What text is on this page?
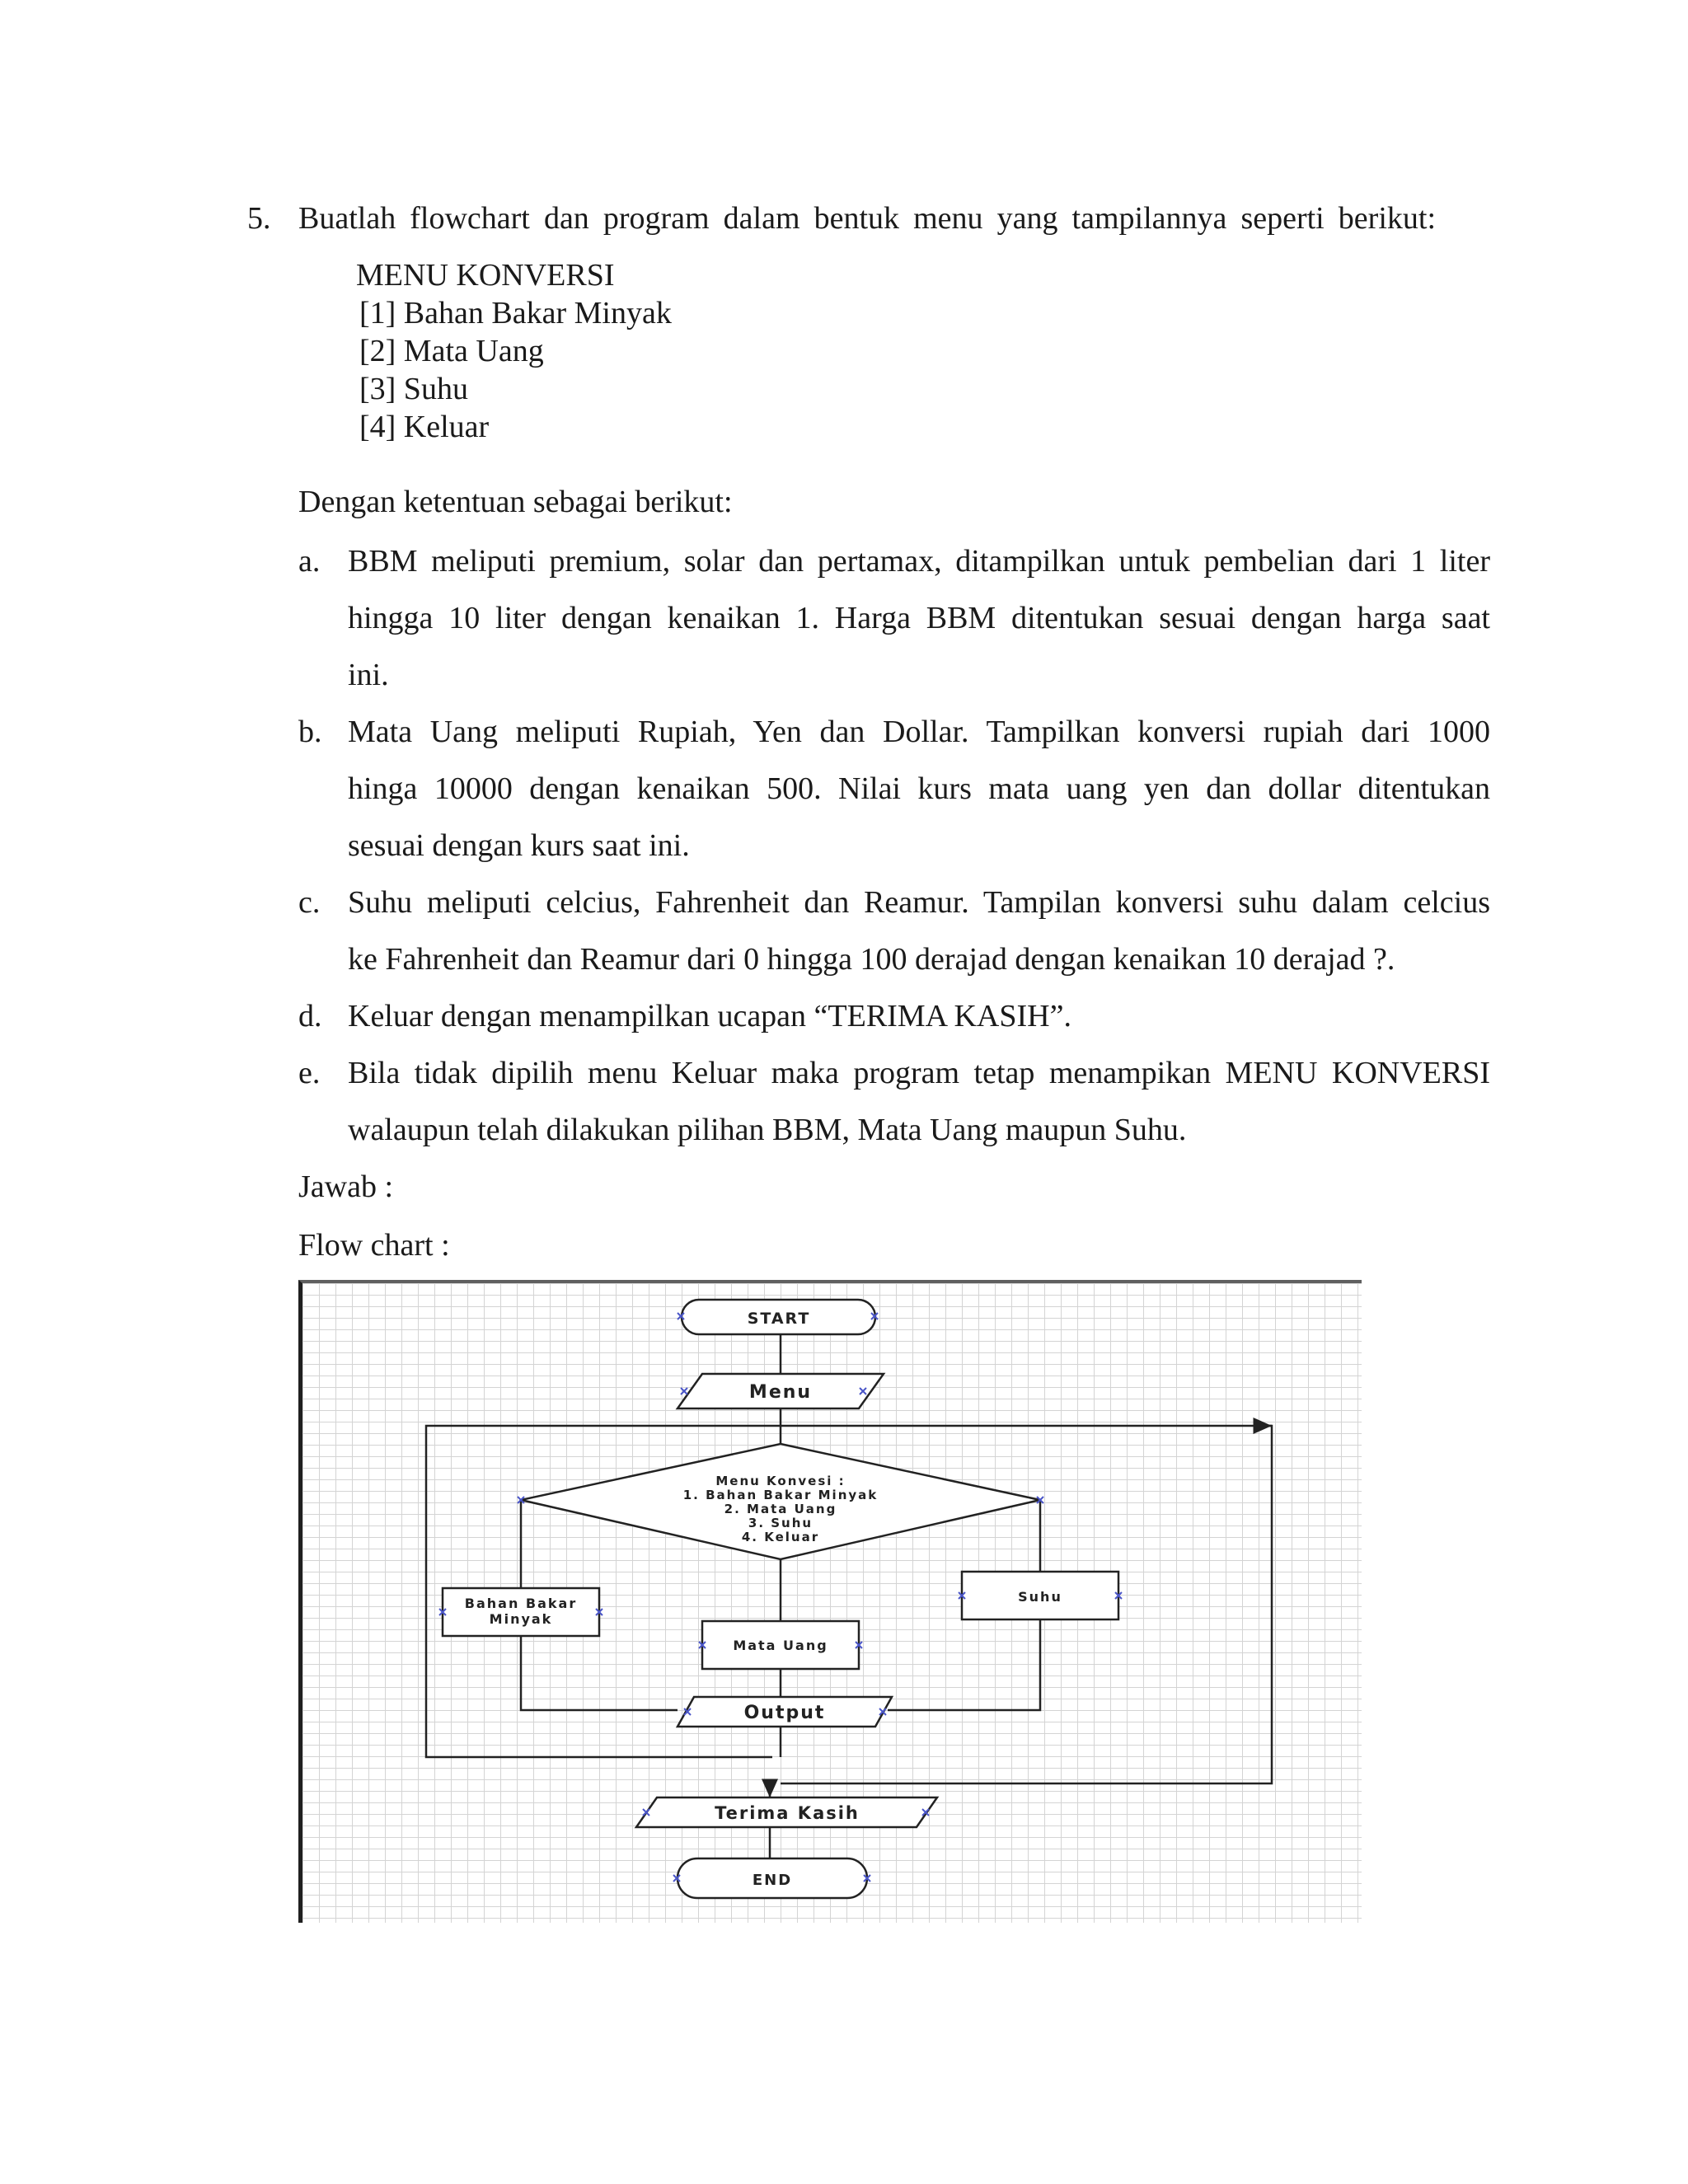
5. Buatlah flowchart dan program dalam bentuk menu yang tampilannya seperti berikut:
MENU KONVERSI
[1] Bahan Bakar Minyak
[2] Mata Uang
[3] Suhu
[4] Keluar
Dengan ketentuan sebagai berikut:
a. BBM meliputi premium, solar dan pertamax, ditampilkan untuk pembelian dari 1 liter
hingga 10 liter dengan kenaikan 1. Harga BBM ditentukan sesuai dengan harga saat
ini.
b. Mata Uang meliputi Rupiah, Yen dan Dollar. Tampilkan konversi rupiah dari 1000
hinga 10000 dengan kenaikan 500. Nilai kurs mata uang yen dan dollar ditentukan
sesuai dengan kurs saat ini.
c. Suhu meliputi celcius, Fahrenheit dan Reamur. Tampilan konversi suhu dalam celcius
ke Fahrenheit dan Reamur dari 0 hingga 100 derajad dengan kenaikan 10 derajad ?.
d. Keluar dengan menampilkan ucapan “TERIMA KASIH”.
e. Bila tidak dipilih menu Keluar maka program tetap menampikan MENU KONVERSI
walaupun telah dilakukan pilihan BBM, Mata Uang maupun Suhu.
Jawab :
Flow chart :
START
Menu
Menu Konvesi :
1. Bahan Bakar Minyak
2. Mata Uang
3. Suhu
4. Keluar
Bahan Bakar
Minyak
Suhu
Mata Uang
Output
Terima Kasih
END
